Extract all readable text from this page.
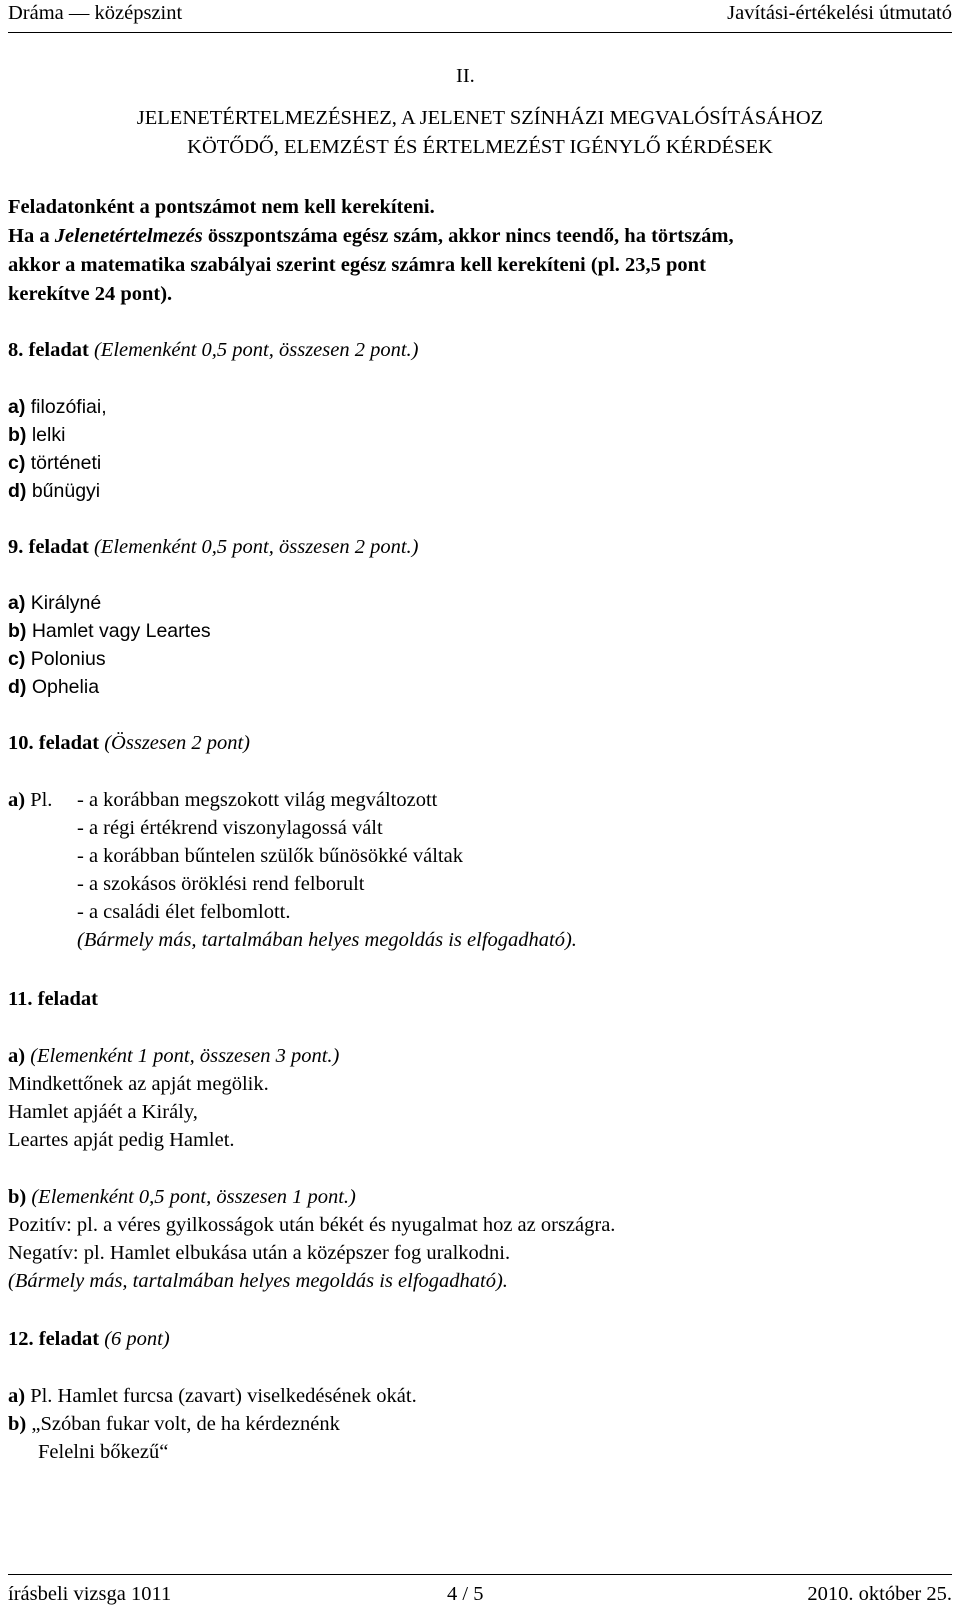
Dráma — középszint	Javítási-értékelési útmutató
II.
JELENETÉRTELMEZÉSHEZ, A JELENET SZÍNHÁZI MEGVALÓSÍTÁSÁHOZ
KÖTŐDŐ, ELEMZÉST ÉS ÉRTELMEZÉST IGÉNYLŐ KÉRDÉSEK
Feladatonként a pontszámot nem kell kerekíteni.
Ha a Jelenetértelmezés összpontszáma egész szám, akkor nincs teendő, ha törtszám,
akkor a matematika szabályai szerint egész számra kell kerekíteni (pl. 23,5 pont
kerekítve 24 pont).
8. feladat (Elemenként 0,5 pont, összesen 2 pont.)
a) filozófiai,
b) lelki
c) történeti
d) bűnügyi
9. feladat (Elemenként 0,5 pont, összesen 2 pont.)
a) Királyné
b) Hamlet vagy Leartes
c) Polonius
d) Ophelia
10. feladat (Összesen 2 pont)
a) Pl. - a korábban megszokott világ megváltozott
- a régi értékrend viszonylagossá vált
- a korábban bűntelen szülők bűnösökké váltak
- a szokásos öröklési rend felborult
- a családi élet felbomlott.
(Bármely más, tartalmában helyes megoldás is elfogadható).
11. feladat
a) (Elemenként 1 pont, összesen 3 pont.)
Mindkettőnek az apját megölik.
Hamlet apjáét a Király,
Leartes apját pedig Hamlet.
b) (Elemenként 0,5 pont, összesen 1 pont.)
Pozitív: pl. a véres gyilkosságok után békét és nyugalmat hoz az országra.
Negatív: pl. Hamlet elbukása után a középszer fog uralkodni.
(Bármely más, tartalmában helyes megoldás is elfogadható).
12. feladat (6 pont)
a) Pl. Hamlet furcsa (zavart) viselkedésének okát.
b) „Szóban fukar volt, de ha kérdeznénk
Felelni bőkezű“
írásbeli vizsga 1011	4 / 5	2010. október 25.
